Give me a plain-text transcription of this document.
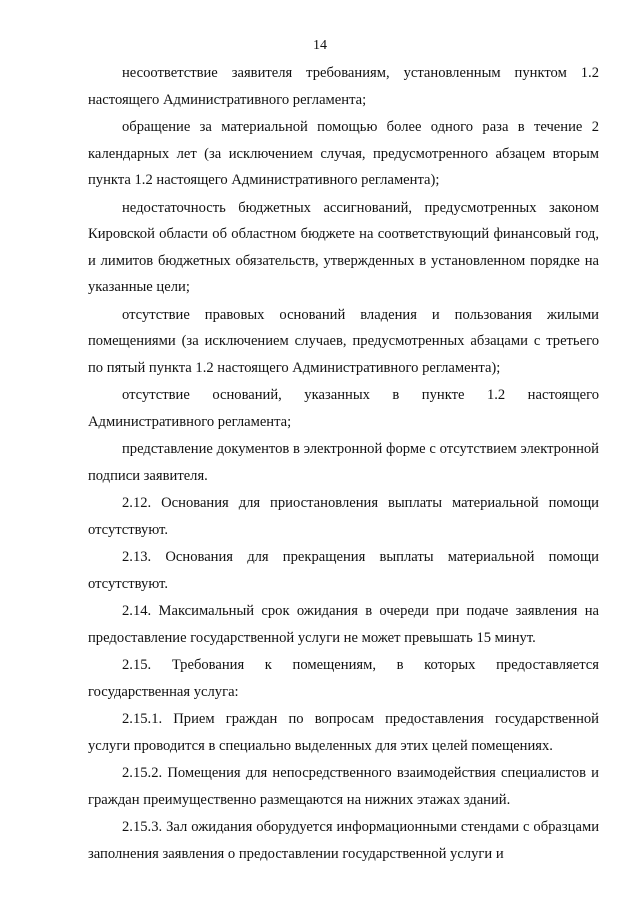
14

несоответствие заявителя требованиям, установленным пунктом 1.2 настоящего Административного регламента;

обращение за материальной помощью более одного раза в течение 2 календарных лет (за исключением случая, предусмотренного абзацем вторым пункта 1.2 настоящего Административного регламента);

недостаточность бюджетных ассигнований, предусмотренных законом Кировской области об областном бюджете на соответствующий финансовый год, и лимитов бюджетных обязательств, утвержденных в установленном порядке на указанные цели;

отсутствие правовых оснований владения и пользования жилыми помещениями (за исключением случаев, предусмотренных абзацами с третьего по пятый пункта 1.2 настоящего Административного регламента);

отсутствие оснований, указанных в пункте 1.2 настоящего Административного регламента;

представление документов в электронной форме с отсутствием электронной подписи заявителя.

2.12. Основания для приостановления выплаты материальной помощи отсутствуют.

2.13. Основания для прекращения выплаты материальной помощи отсутствуют.

2.14. Максимальный срок ожидания в очереди при подаче заявления на предоставление государственной услуги не может превышать 15 минут.

2.15. Требования к помещениям, в которых предоставляется государственная услуга:

2.15.1. Прием граждан по вопросам предоставления государственной услуги проводится в специально выделенных для этих целей помещениях.

2.15.2. Помещения для непосредственного взаимодействия специалистов и граждан преимущественно размещаются на нижних этажах зданий.

2.15.3. Зал ожидания оборудуется информационными стендами с образцами заполнения заявления о предоставлении государственной услуги и
